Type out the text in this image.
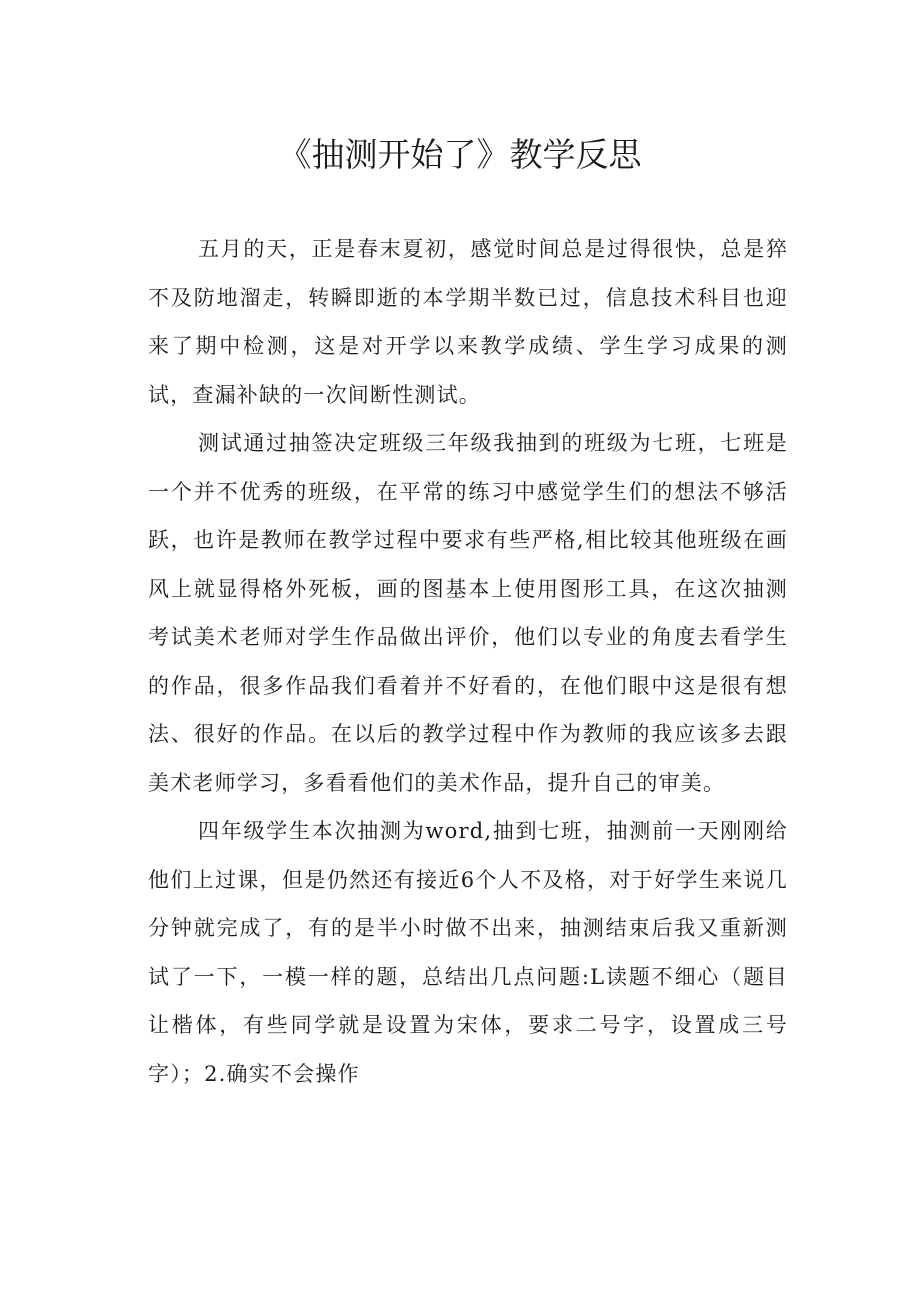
《抽测开始了》教学反思

五月的天，正是春末夏初，感觉时间总是过得很快，总是猝不及防地溜走，转瞬即逝的本学期半数已过，信息技术科目也迎来了期中检测，这是对开学以来教学成绩、学生学习成果的测试，查漏补缺的一次间断性测试。

测试通过抽签决定班级三年级我抽到的班级为七班，七班是一个并不优秀的班级，在平常的练习中感觉学生们的想法不够活跃，也许是教师在教学过程中要求有些严格,相比较其他班级在画风上就显得格外死板，画的图基本上使用图形工具，在这次抽测考试美术老师对学生作品做出评价，他们以专业的角度去看学生的作品，很多作品我们看着并不好看的，在他们眼中这是很有想法、很好的作品。在以后的教学过程中作为教师的我应该多去跟美术老师学习，多看看他们的美术作品，提升自己的审美。

四年级学生本次抽测为word,抽到七班，抽测前一天刚刚给他们上过课，但是仍然还有接近6个人不及格，对于好学生来说几分钟就完成了，有的是半小时做不出来，抽测结束后我又重新测试了一下，一模一样的题，总结出几点问题:L读题不细心（题目让楷体，有些同学就是设置为宋体，要求二号字，设置成三号字）；2.确实不会操作
